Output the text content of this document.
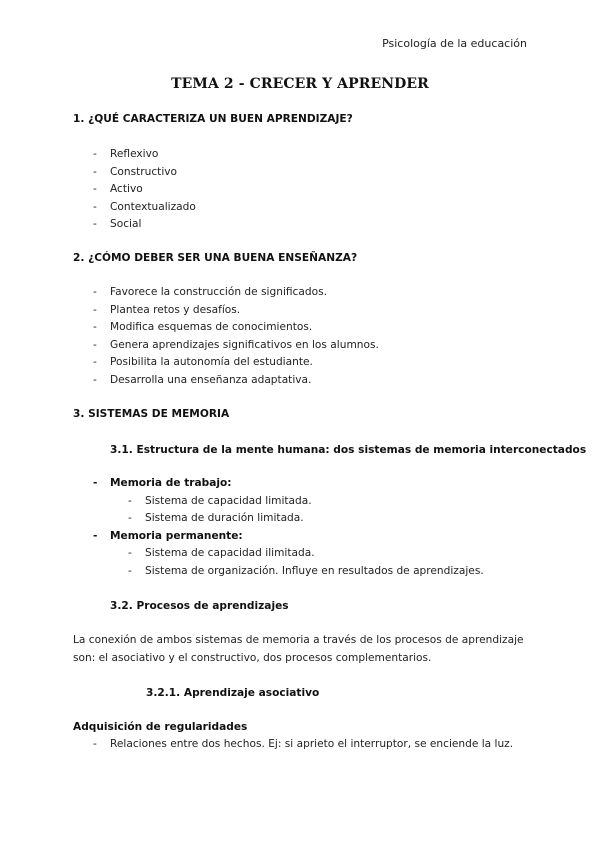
Psicología de la educación
TEMA 2 - CRECER Y APRENDER
1. ¿QUÉ CARACTERIZA UN BUEN APRENDIZAJE?
- Reflexivo
- Constructivo
- Activo
- Contextualizado
- Social
2. ¿CÓMO DEBER SER UNA BUENA ENSEÑANZA?
- Favorece la construcción de significados.
- Plantea retos y desafíos.
- Modifica esquemas de conocimientos.
- Genera aprendizajes significativos en los alumnos.
- Posibilita la autonomía del estudiante.
- Desarrolla una enseñanza adaptativa.
3. SISTEMAS DE MEMORIA
3.1. Estructura de la mente humana: dos sistemas de memoria interconectados
- Memoria de trabajo:
- Sistema de capacidad limitada.
- Sistema de duración limitada.
- Memoria permanente:
- Sistema de capacidad ilimitada.
- Sistema de organización. Influye en resultados de aprendizajes.
3.2. Procesos de aprendizajes
La conexión de ambos sistemas de memoria a través de los procesos de aprendizaje son: el asociativo y el constructivo, dos procesos complementarios.
3.2.1. Aprendizaje asociativo
Adquisición de regularidades
- Relaciones entre dos hechos. Ej: si aprieto el interruptor, se enciende la luz.
